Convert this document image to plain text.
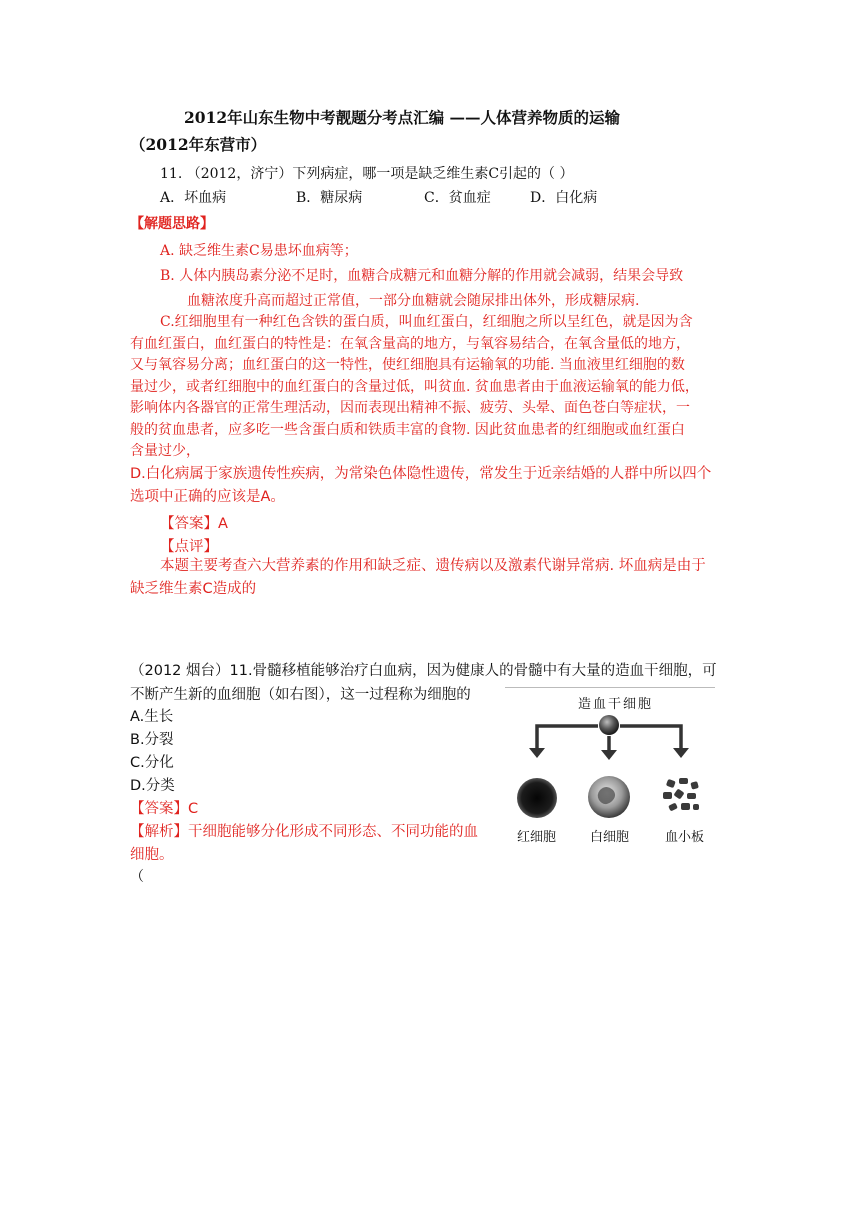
2012年山东生物中考靓题分考点汇编 ——人体营养物质的运输
（2012年东营市）
11. （2012，济宁）下列病症，哪一项是缺乏维生素C引起的（ ）
A．坏血病	B．糖尿病	C．贫血症	D．白化病
【解题思路】
A. 缺乏维生素C易患坏血病等；
B. 人体内胰岛素分泌不足时，血糖合成糖元和血糖分解的作用就会减弱，结果会导致
血糖浓度升高而超过正常值，一部分血糖就会随尿排出体外，形成糖尿病.
C.红细胞里有一种红色含铁的蛋白质，叫血红蛋白，红细胞之所以呈红色，就是因为含
有血红蛋白，血红蛋白的特性是：在氧含量高的地方，与氧容易结合，在氧含量低的地方，
又与氧容易分离；血红蛋白的这一特性，使红细胞具有运输氧的功能. 当血液里红细胞的数
量过少，或者红细胞中的血红蛋白的含量过低，叫贫血. 贫血患者由于血液运输氧的能力低，
影响体内各器官的正常生理活动，因而表现出精神不振、疲劳、头晕、面色苍白等症状，一
般的贫血患者，应多吃一些含蛋白质和铁质丰富的食物. 因此贫血患者的红细胞或血红蛋白
含量过少，
D.白化病属于家族遗传性疾病，为常染色体隐性遗传，常发生于近亲结婚的人群中所以四个
选项中正确的应该是A。
【答案】A
【点评】
本题主要考查六大营养素的作用和缺乏症、遗传病以及激素代谢异常病. 坏血病是由于
缺乏维生素C造成的
（2012 烟台）11.骨髓移植能够治疗白血病，因为健康人的骨髓中有大量的造血干细胞，可
不断产生新的血细胞（如右图），这一过程称为细胞的
A.生长
B.分裂
C.分化
D.分类
【答案】C
【解析】干细胞能够分化形成不同形态、不同功能的血
细胞。
（
造血干细胞
红细胞	白细胞	血小板
